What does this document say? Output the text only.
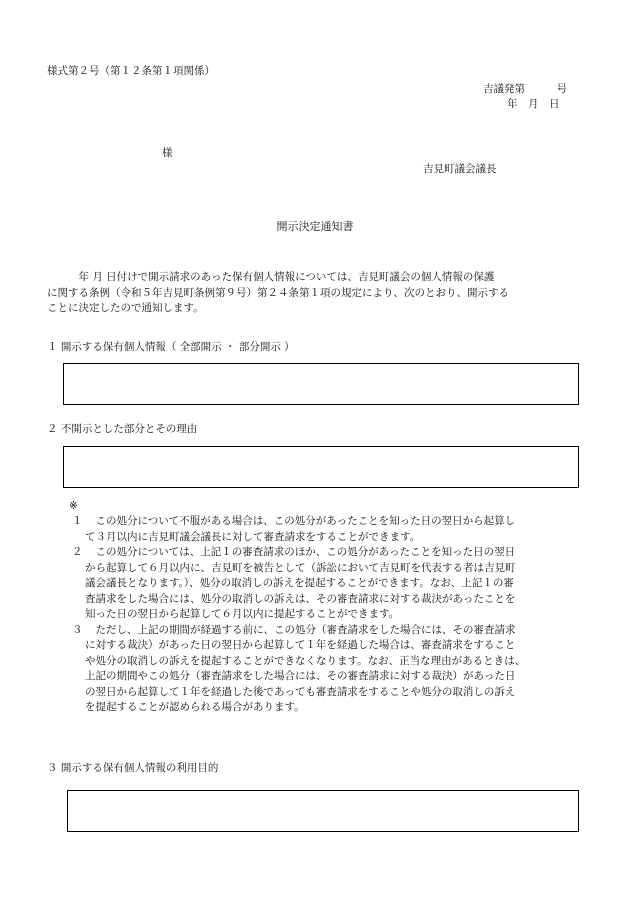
様式第２号（第１２条第１項関係）
吉議発第　　　号
年　月　日
様
吉見町議会議長
開示決定通知書
　　　年 月 日付けで開示請求のあった保有個人情報については、吉見町議会の個人情報の保護
に関する条例（令和５年吉見町条例第９号）第２４条第１項の規定により、次のとおり、開示する
ことに決定したので通知します。
１ 開示する保有個人情報（ 全部開示 ・ 部分開示 ）
２ 不開示とした部分とその理由
※
１ 　この処分について不服がある場合は、この処分があったことを知った日の翌日から起算し
て３月以内に吉見町議会議長に対して審査請求をすることができます。
２ 　この処分については、上記１の審査請求のほか、この処分があったことを知った日の翌日
から起算して６月以内に、吉見町を被告として（訴訟において吉見町を代表する者は吉見町
議会議長となります。）、処分の取消しの訴えを提起することができます。なお、上記１の審
査請求をした場合には、処分の取消しの訴えは、その審査請求に対する裁決があったことを
知った日の翌日から起算して６月以内に提起することができます。
３ 　ただし、上記の期間が経過する前に、この処分（審査請求をした場合には、その審査請求
に対する裁決）があった日の翌日から起算して１年を経過した場合は、審査請求をすること
や処分の取消しの訴えを提起することができなくなります。なお、正当な理由があるときは、
上記の期間やこの処分（審査請求をした場合には、その審査請求に対する裁決）があった日
の翌日から起算して１年を経過した後であっても審査請求をすることや処分の取消しの訴え
を提起することが認められる場合があります。
３ 開示する保有個人情報の利用目的
